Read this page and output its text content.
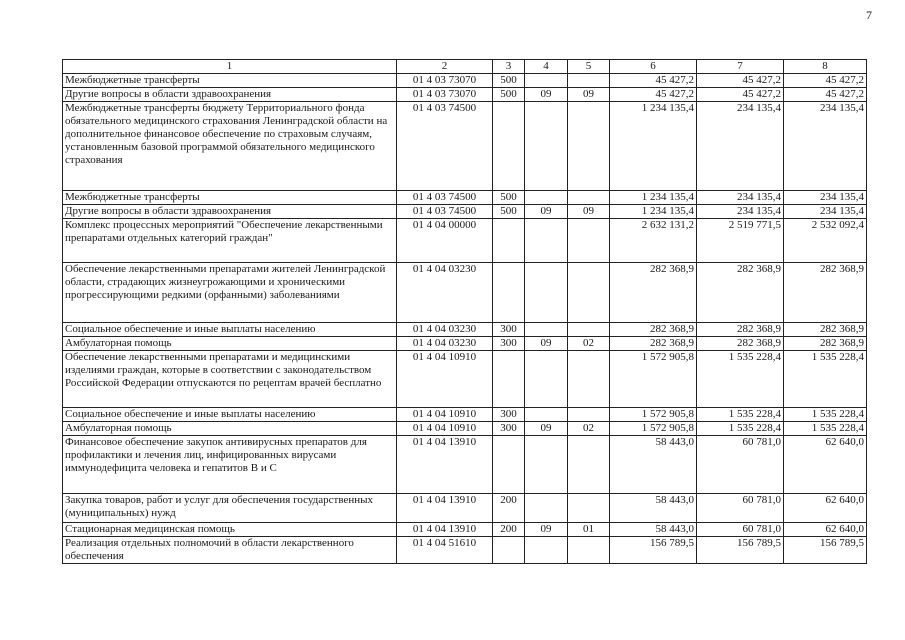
7
1	2	3	4	5	6	7	8
Межбюджетные трансферты	01 4 03 73070	500			45 427,2	45 427,2	45 427,2
Другие вопросы в области здравоохранения	01 4 03 73070	500	09	09	45 427,2	45 427,2	45 427,2
Межбюджетные трансферты бюджету Территориального фонда обязательного медицинского страхования Ленинградской области на дополнительное финансовое обеспечение по страховым случаям, установленным базовой программой обязательного медицинского страхования	01 4 03 74500				1 234 135,4	234 135,4	234 135,4
Межбюджетные трансферты	01 4 03 74500	500			1 234 135,4	234 135,4	234 135,4
Другие вопросы в области здравоохранения	01 4 03 74500	500	09	09	1 234 135,4	234 135,4	234 135,4
Комплекс процессных мероприятий "Обеспечение лекарственными препаратами отдельных категорий граждан"	01 4 04 00000				2 632 131,2	2 519 771,5	2 532 092,4
Обеспечение лекарственными препаратами жителей Ленинградской области, страдающих жизнеугрожающими и хроническими прогрессирующими редкими (орфанными) заболеваниями	01 4 04 03230				282 368,9	282 368,9	282 368,9
Социальное обеспечение и иные выплаты населению	01 4 04 03230	300			282 368,9	282 368,9	282 368,9
Амбулаторная помощь	01 4 04 03230	300	09	02	282 368,9	282 368,9	282 368,9
Обеспечение лекарственными препаратами и медицинскими изделиями граждан, которые в соответствии с законодательством Российской Федерации отпускаются по рецептам врачей бесплатно	01 4 04 10910				1 572 905,8	1 535 228,4	1 535 228,4
Социальное обеспечение и иные выплаты населению	01 4 04 10910	300			1 572 905,8	1 535 228,4	1 535 228,4
Амбулаторная помощь	01 4 04 10910	300	09	02	1 572 905,8	1 535 228,4	1 535 228,4
Финансовое обеспечение закупок антивирусных препаратов для профилактики и лечения лиц, инфицированных вирусами иммунодефицита человека и гепатитов В и С	01 4 04 13910				58 443,0	60 781,0	62 640,0
Закупка товаров, работ и услуг для обеспечения государственных (муниципальных) нужд	01 4 04 13910	200			58 443,0	60 781,0	62 640,0
Стационарная медицинская помощь	01 4 04 13910	200	09	01	58 443,0	60 781,0	62 640,0
Реализация отдельных полномочий в области лекарственного обеспечения	01 4 04 51610				156 789,5	156 789,5	156 789,5
